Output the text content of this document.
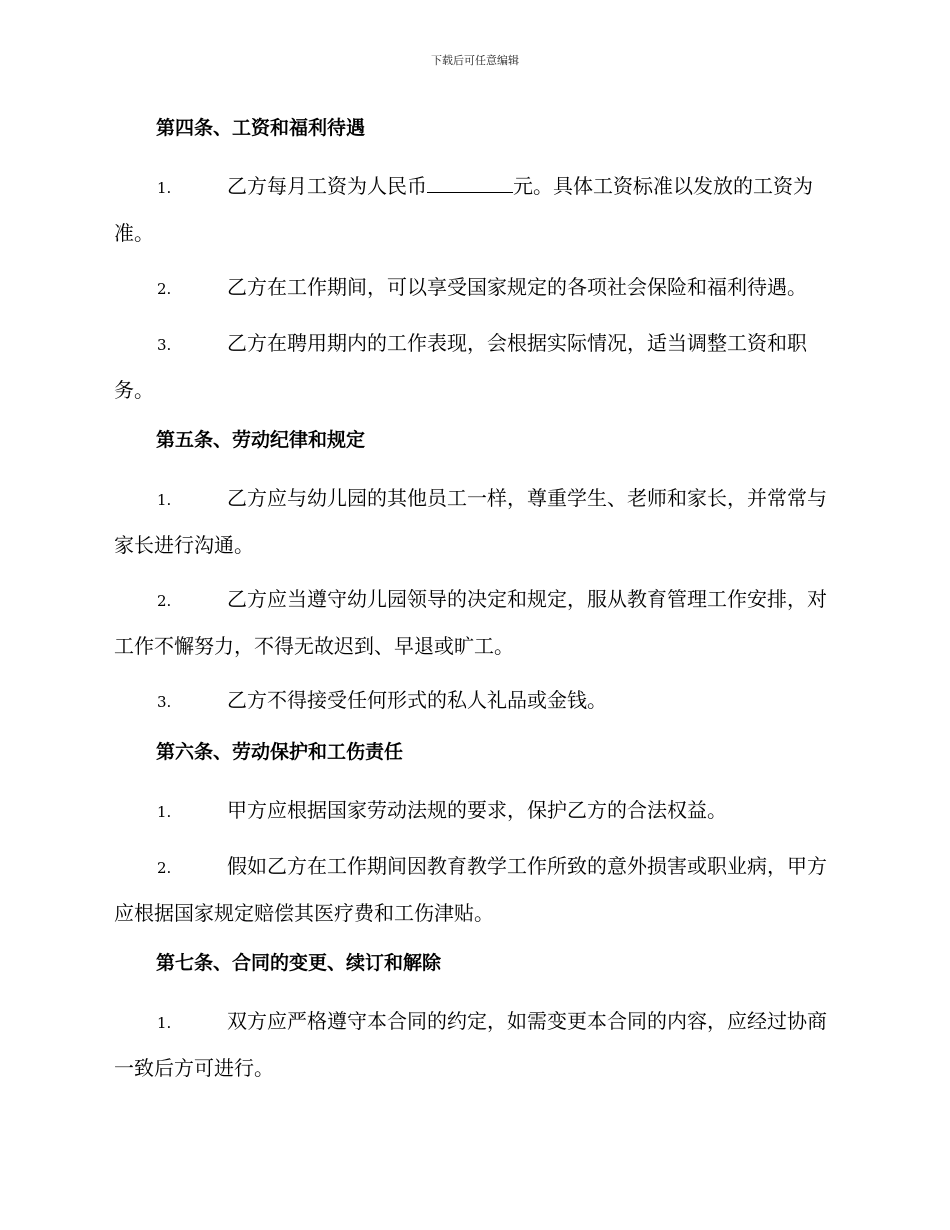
下载后可任意编辑
第四条、工资和福利待遇
1.	乙方每月工资为人民币	元。具体工资标准以发放的工资为准。
2.	乙方在工作期间，可以享受国家规定的各项社会保险和福利待遇。
3.	乙方在聘用期内的工作表现，会根据实际情况，适当调整工资和职务。
第五条、劳动纪律和规定
1.	乙方应与幼儿园的其他员工一样，尊重学生、老师和家长，并常常与家长进行沟通。
2.	乙方应当遵守幼儿园领导的决定和规定，服从教育管理工作安排，对工作不懈努力，不得无故迟到、早退或旷工。
3.	乙方不得接受任何形式的私人礼品或金钱。
第六条、劳动保护和工伤责任
1.	甲方应根据国家劳动法规的要求，保护乙方的合法权益。
2.	假如乙方在工作期间因教育教学工作所致的意外损害或职业病，甲方应根据国家规定赔偿其医疗费和工伤津贴。
第七条、合同的变更、续订和解除
1.	双方应严格遵守本合同的约定，如需变更本合同的内容，应经过协商一致后方可进行。
